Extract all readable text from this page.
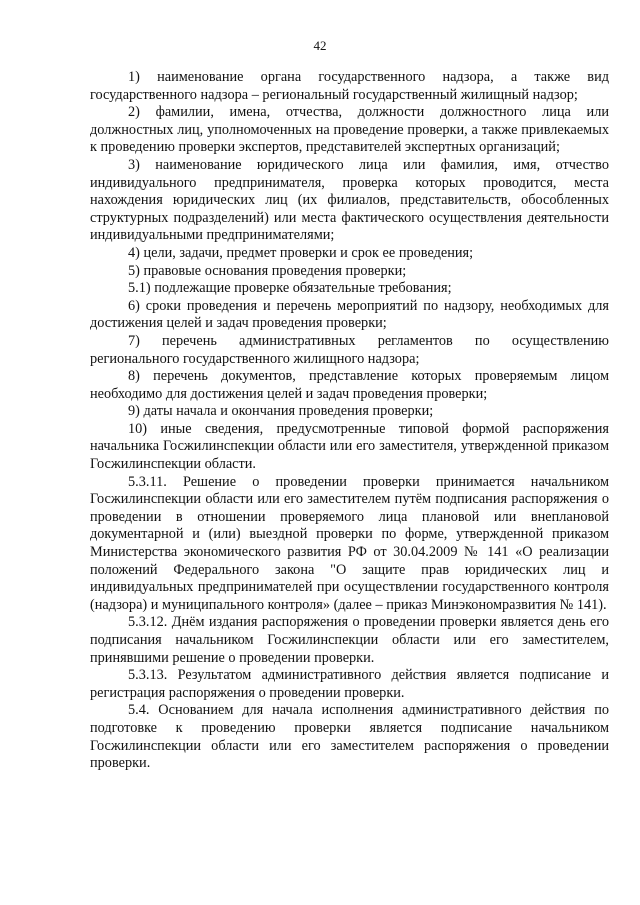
42

1) наименование органа государственного надзора, а также вид государственного надзора – региональный государственный жилищный надзор;

2) фамилии, имена, отчества, должности должностного лица или должностных лиц, уполномоченных на проведение проверки, а также привлекаемых к проведению проверки экспертов, представителей экспертных организаций;

3) наименование юридического лица или фамилия, имя, отчество индивидуального предпринимателя, проверка которых проводится, места нахождения юридических лиц (их филиалов, представительств, обособленных структурных подразделений) или места фактического осуществления деятельности индивидуальными предпринимателями;

4) цели, задачи, предмет проверки и срок ее проведения;

5) правовые основания проведения проверки;

5.1) подлежащие проверке обязательные требования;

6) сроки проведения и перечень мероприятий по надзору, необходимых для достижения целей и задач проведения проверки;

7) перечень административных регламентов по осуществлению регионального государственного жилищного надзора;

8) перечень документов, представление которых проверяемым лицом необходимо для достижения целей и задач проведения проверки;

9) даты начала и окончания проведения проверки;

10) иные сведения, предусмотренные типовой формой распоряжения начальника Госжилинспекции области или его заместителя, утвержденной приказом Госжилинспекции области.

5.3.11. Решение о проведении проверки принимается начальником Госжилинспекции области или его заместителем путём подписания распоряжения о проведении в отношении проверяемого лица плановой или внеплановой документарной и (или) выездной проверки по форме, утвержденной приказом Министерства экономического развития РФ от 30.04.2009 № 141 «О реализации положений Федерального закона "О защите прав юридических лиц и индивидуальных предпринимателей при осуществлении государственного контроля (надзора) и муниципального контроля» (далее – приказ Минэкономразвития № 141).

5.3.12. Днём издания распоряжения о проведении проверки является день его подписания начальником Госжилинспекции области или его заместителем, принявшими решение о проведении проверки.

5.3.13. Результатом административного действия является подписание и регистрация распоряжения о проведении проверки.

5.4. Основанием для начала исполнения административного действия по подготовке к проведению проверки является подписание начальником Госжилинспекции области или его заместителем распоряжения о проведении проверки.
